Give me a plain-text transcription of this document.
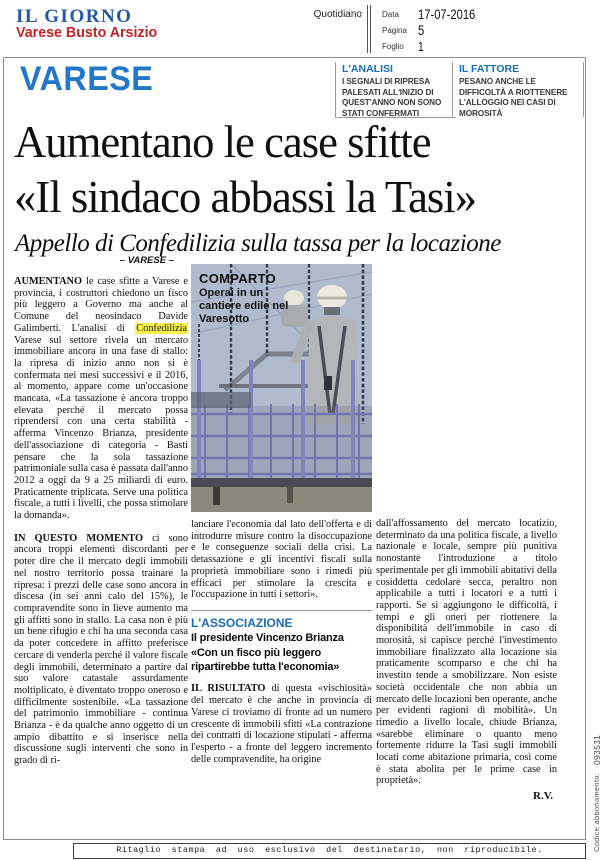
IL GIORNO
Varese Busto Arsizio
Quotidiano	Data	17-07-2016
Pagina 5
Foglio	1
VARESE	L'ANALISI
I SEGNALI DI RIPRESA PALESATI ALL'INIZIO DI QUEST'ANNO NON SONO STATI CONFERMATI
IL FATTORE
PESANO ANCHE LE DIFFICOLTÀ A RIOTTENERE L'ALLOGGIO NEI CASI DI MOROSITÀ
Aumentano le case sfitte
«Il sindaco abbassi la Tasi»
Appello di Confedilizia sulla tassa per la locazione
– VARESE –

AUMENTANO le case sfitte a Varese e provincia, i costruttori chiedono un fisco più leggero a Governo ma anche al Comune del neosindaco Davide Galimberti. L'analisi di Confedilizia Varese sul settore rivela un mercato immobiliare ancora in una fase di stallo: la ripresa di inizio anno non si è confermata nei mesi successivi e il 2016, al momento, appare come un'occasione mancata. «La tassazione è ancora troppo elevata perché il mercato possa riprendersi con una certa stabilità - afferma Vincenzo Brianza, presidente dell'associazione di categoria - Basti pensare che la sola tassazione patrimoniale sulla casa è passata dall'anno 2012 a oggi da 9 a 25 miliardi di euro. Praticamente triplicata. Serve una politica fiscale, a tutti i livelli, che possa stimolare la domanda».

IN QUESTO MOMENTO ci sono ancora troppi elementi discordanti per poter dire che il mercato degli immobili nel nostro territorio possa trainare la ripresa: i prezzi delle case sono ancora in discesa (in sei anni calo del 15%), le compravendite sono in lieve aumento ma gli affitti sono in stallo. La casa non è più un bene rifugio e chi ha una seconda casa da poter concedere in affitto preferisce cercare di venderla perché il valore fiscale degli immobili, determinato a partire dal suo valore catastale assurdamente moltiplicato, è diventato troppo oneroso e difficilmente sostenibile. «La tassazione del patrimonio immobiliare - continua Brianza - è da qualche anno oggetto di un ampio dibattito e si inserisce nella discussione sugli interventi che sono in grado di ri-

COMPARTO
Operai in un cantiere edile nel Varesotto
lanciare l'economia dal lato dell'offerta e di introdurre misure contro la disoccupazione e le conseguenze sociali della crisi. La detassazione e gli incentivi fiscali sulla proprietà immobiliare sono i rimedi più efficaci per stimolare la crescita e l'occupazione in tutti i settori».
L'ASSOCIAZIONE
Il presidente Vincenzo Brianza
«Con un fisco più leggero ripartirebbe tutta l'economia»

IL RISULTATO di questa «vischiosità» del mercato è che anche in provincia di Varese ci troviamo di fronte ad un numero crescente di immobili sfitti «La contrazione dei contratti di locazione stipulati - afferma l'esperto - a fronte del leggero incremento delle compravendite, ha origine

dall'affossamento del mercato locatizio, determinato da una politica fiscale, a livello nazionale e locale, sempre più punitiva nonostante l'introduzione a titolo sperimentale per gli immobili abitativi della cosiddetta cedolare secca, peraltro non applicabile a tutti i locatori e a tutti i rapporti. Se si aggiungono le difficoltà, i tempi e gli oneri per riottenere la disponibilità dell'immobile in caso di morosità, si capisce perché l'investimento immobiliare finalizzato alla locazione sia praticamente scomparso e che chi ha investito tende a smobilizzare. Non esiste società occidentale che non abbia un mercato delle locazioni ben operante, anche per evidenti ragioni di mobilità». Un rimedio a livello locale, chiude Brianza, «sarebbe eliminare o quanto meno fortemente ridurre la Tasi sugli immobili locati come abitazione primaria, così come è stata abolita per le prime case in proprietà».
R.V.
Ritaglio stampa ad uso esclusivo del destinatario, non riproducibile.	Codice abbonamento: 093531
